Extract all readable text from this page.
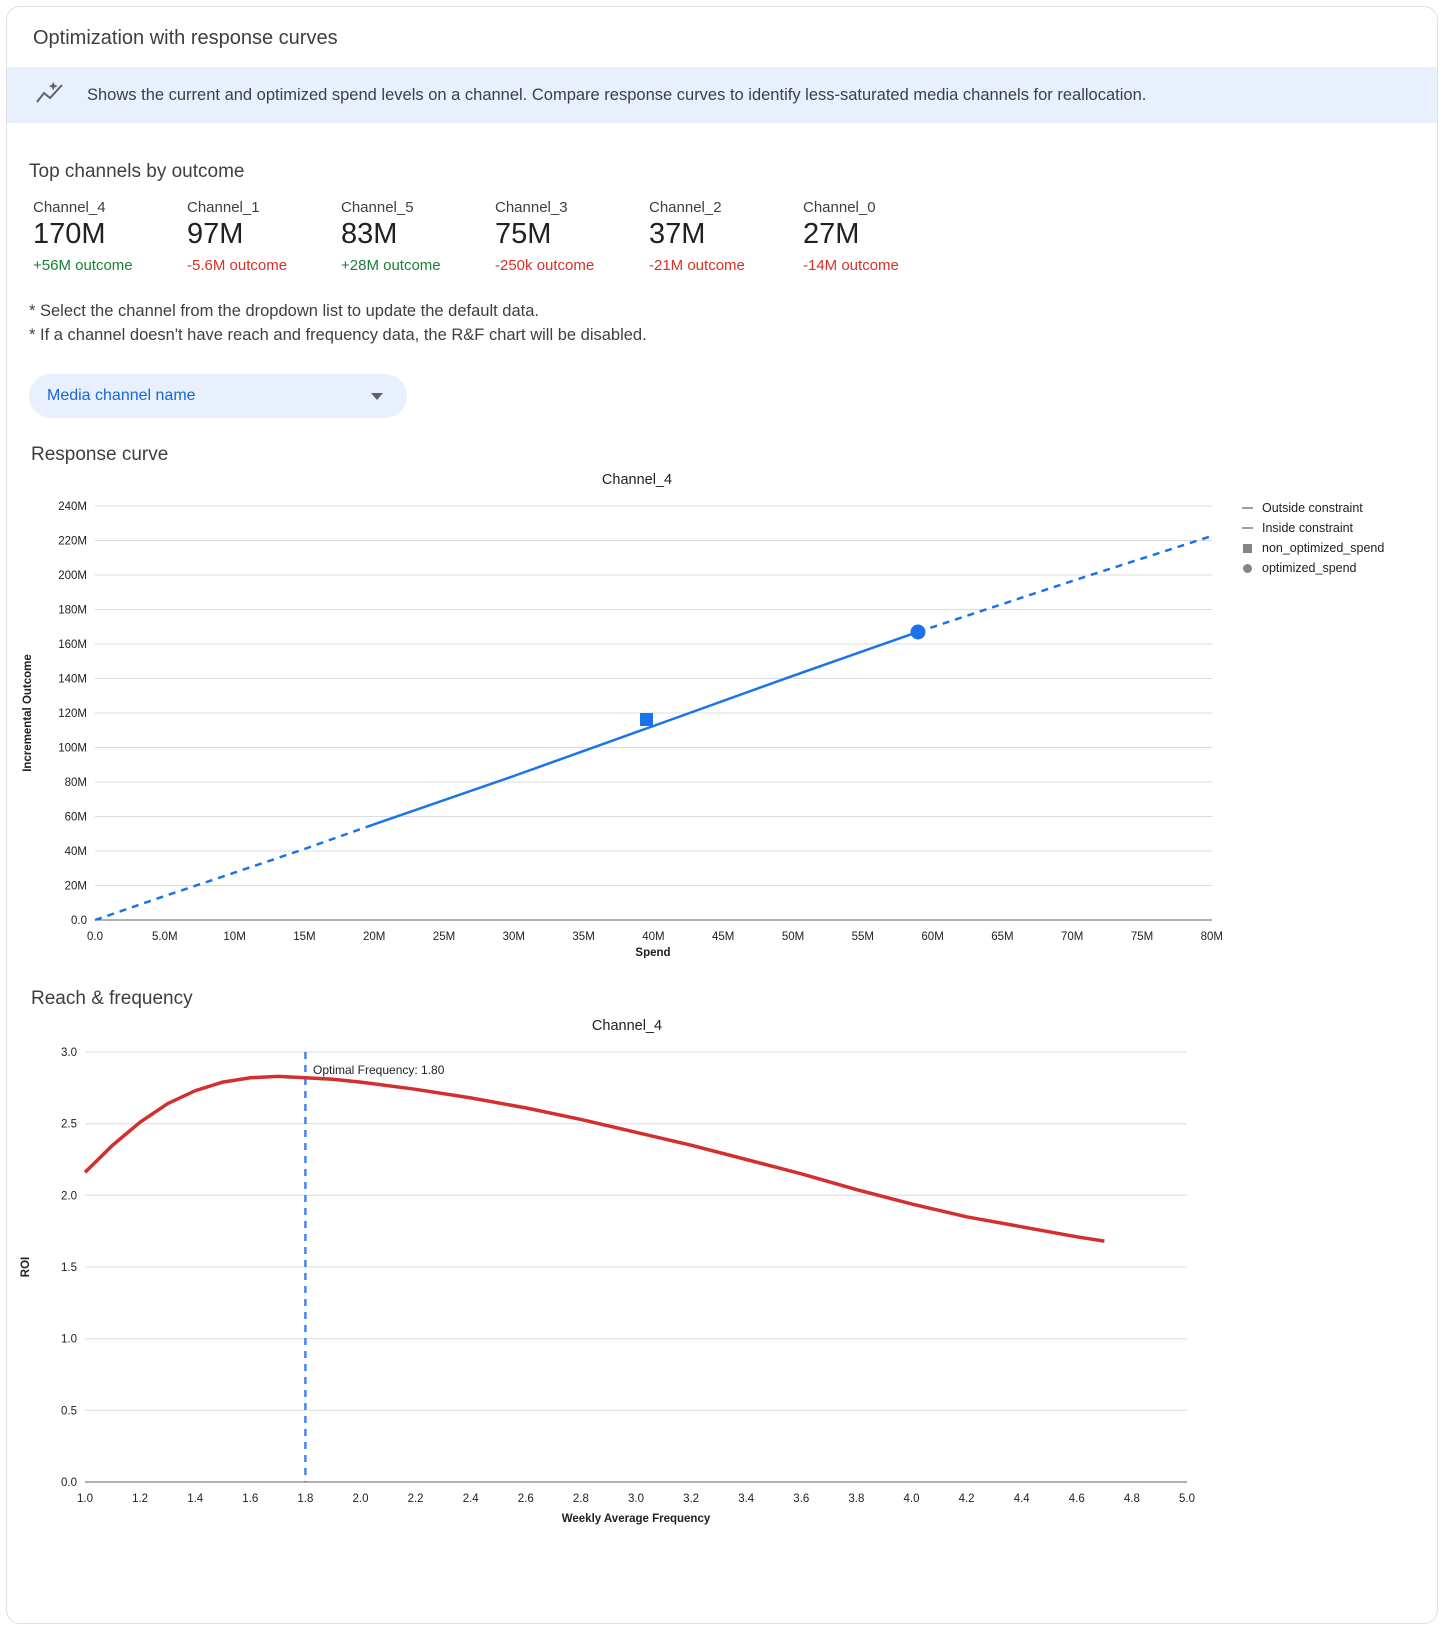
Optimization with response curves
Shows the current and optimized spend levels on a channel. Compare response curves to identify less-saturated media channels for reallocation.
Top channels by outcome
Channel_4
170M
+56M outcome
Channel_1
97M
-5.6M outcome
Channel_5
83M
+28M outcome
Channel_3
75M
-250k outcome
Channel_2
37M
-21M outcome
Channel_0
27M
-14M outcome
* Select the channel from the dropdown list to update the default data.
* If a channel doesn't have reach and frequency data, the R&F chart will be disabled.
Media channel name
Response curve
Channel_4
240M
220M
200M
180M
160M
140M
120M
100M
80M
60M
40M
20M
0.0
0.0	5.0M	10M	15M	20M	25M	30M	35M	40M	45M	50M	55M	60M	65M	70M	75M	80M
Spend
Incremental Outcome
Outside constraint
Inside constraint
non_optimized_spend
optimized_spend
Reach & frequency
Channel_4
3.0
2.5
2.0
1.5
1.0
0.5
0.0
1.0	1.2	1.4	1.6	1.8	2.0	2.2	2.4	2.6	2.8	3.0	3.2	3.4	3.6	3.8	4.0	4.2	4.4	4.6	4.8	5.0
Weekly Average Frequency
ROI
Optimal Frequency: 1.80
